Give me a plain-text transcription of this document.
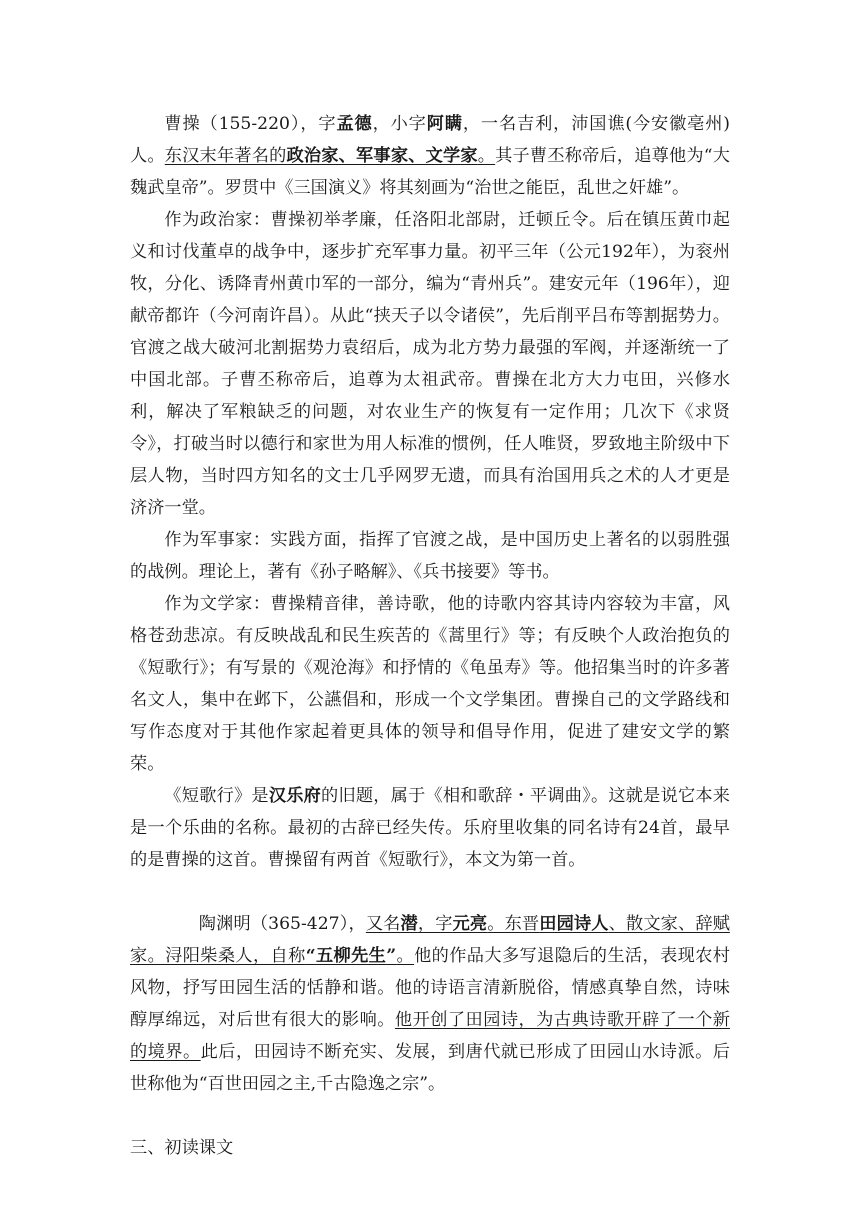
曹操（155-220），字孟德，小字阿瞒，一名吉利，沛国谯(今安徽亳州)人。东汉末年著名的政治家、军事家、文学家。其子曹丕称帝后，追尊他为“大魏武皇帝”。罗贯中《三国演义》将其刻画为“治世之能臣，乱世之奸雄”。

作为政治家：曹操初举孝廉，任洛阳北部尉，迁顿丘令。后在镇压黄巾起义和讨伐董卓的战争中，逐步扩充军事力量。初平三年（公元192年），为衮州牧，分化、诱降青州黄巾军的一部分，编为“青州兵”。建安元年（196年），迎献帝都许（今河南许昌）。从此“挟天子以令诸侯”，先后削平吕布等割据势力。官渡之战大破河北割据势力袁绍后，成为北方势力最强的军阀，并逐渐统一了中国北部。子曹丕称帝后，追尊为太祖武帝。曹操在北方大力屯田，兴修水利，解决了军粮缺乏的问题，对农业生产的恢复有一定作用；几次下《求贤令》，打破当时以德行和家世为用人标准的惯例，任人唯贤，罗致地主阶级中下层人物，当时四方知名的文士几乎网罗无遗，而具有治国用兵之术的人才更是济济一堂。

作为军事家：实践方面，指挥了官渡之战，是中国历史上著名的以弱胜强的战例。理论上，著有《孙子略解》、《兵书接要》等书。

作为文学家：曹操精音律，善诗歌，他的诗歌内容其诗内容较为丰富，风格苍劲悲凉。有反映战乱和民生疾苦的《蒿里行》等；有反映个人政治抱负的《短歌行》；有写景的《观沧海》和抒情的《龟虽寿》等。他招集当时的许多著名文人，集中在邺下，公讌倡和，形成一个文学集团。曹操自己的文学路线和写作态度对于其他作家起着更具体的领导和倡导作用，促进了建安文学的繁荣。

《短歌行》是汉乐府的旧题，属于《相和歌辞・平调曲》。这就是说它本来是一个乐曲的名称。最初的古辞已经失传。乐府里收集的同名诗有24首，最早的是曹操的这首。曹操留有两首《短歌行》，本文为第一首。

陶渊明（365-427），又名潜，字元亮。东晋田园诗人、散文家、辞赋家。浔阳柴桑人，自称“五柳先生”。他的作品大多写退隐后的生活，表现农村风物，抒写田园生活的恬静和谐。他的诗语言清新脱俗，情感真挚自然，诗味醇厚绵远，对后世有很大的影响。他开创了田园诗，为古典诗歌开辟了一个新的境界。此后，田园诗不断充实、发展，到唐代就已形成了田园山水诗派。后世称他为“百世田园之主,千古隐逸之宗”。

三、初读课文
